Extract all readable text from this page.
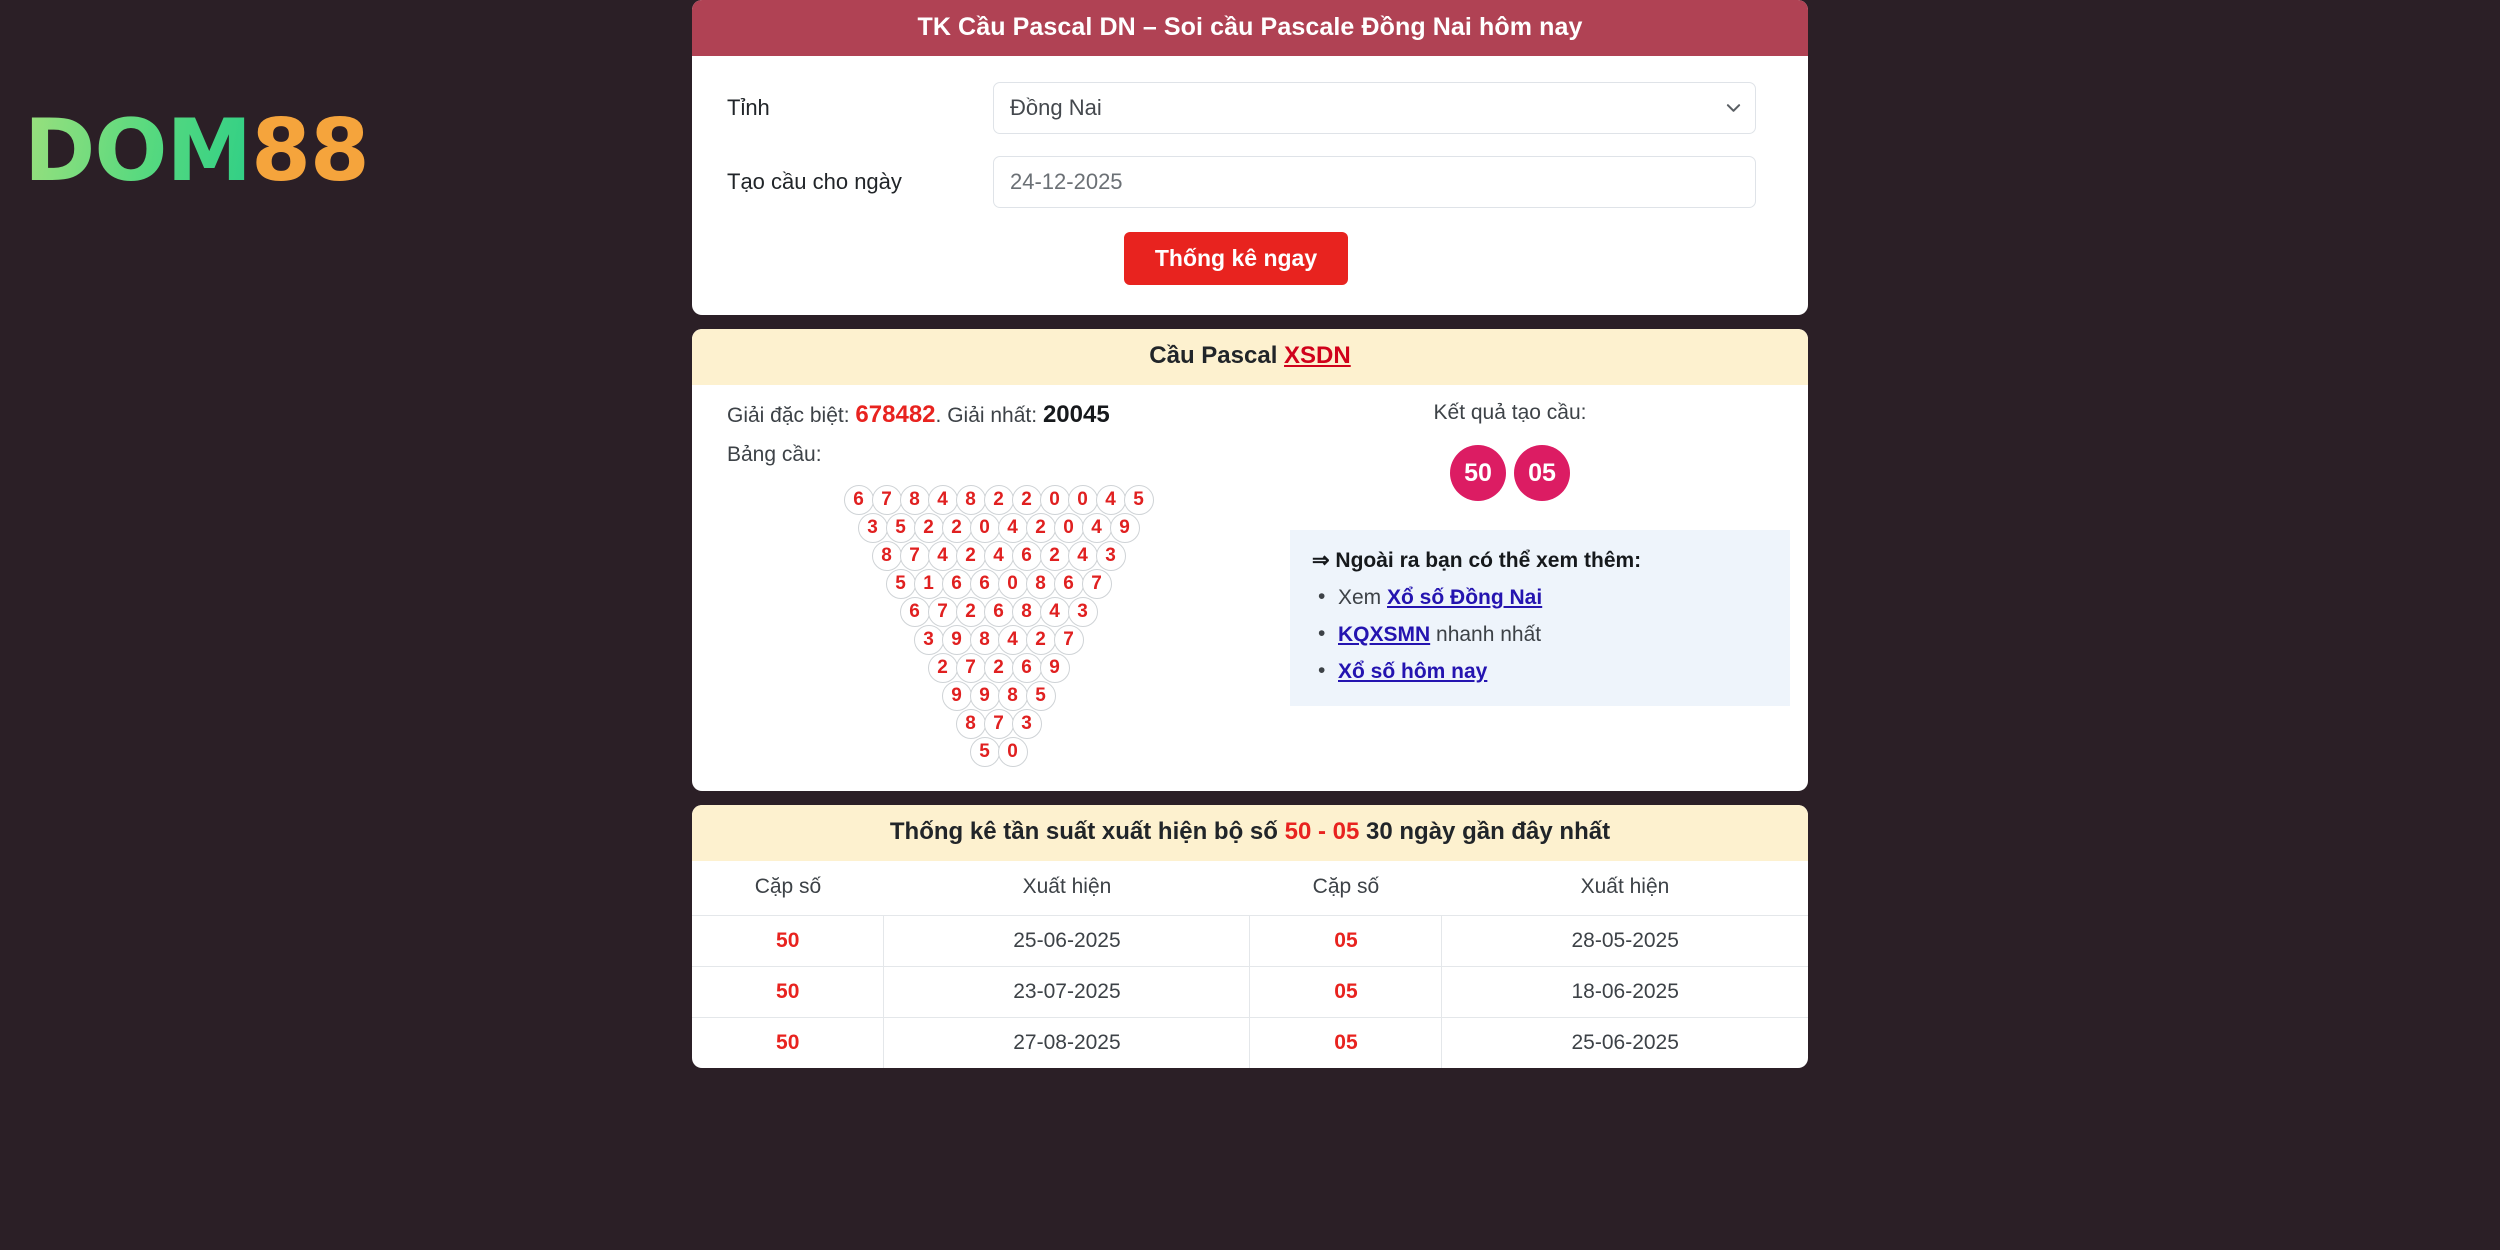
DOM 88
TK Cầu Pascal DN – Soi cầu Pascale Đồng Nai hôm nay
Tỉnh	Đồng Nai
Tạo cầu cho ngày	24-12-2025
Thống kê ngay
Cầu Pascal XSDN
Giải đặc biệt: 678482. Giải nhất: 20045
Bảng cầu:
6 7 8 4 8 2 2 0 0 4 5
3 5 2 2 0 4 2 0 4 9
8 7 4 2 4 6 2 4 3
5 1 6 6 0 8 6 7
6 7 2 6 8 4 3
3 9 8 4 2 7
2 7 2 6 9
9 9 8 5
8 7 3
5 0
Kết quả tạo cầu:
50	05
⇒ Ngoài ra bạn có thể xem thêm:
• Xem Xổ số Đồng Nai
• KQXSMN nhanh nhất
• Xổ số hôm nay
Thống kê tần suất xuất hiện bộ số 50 - 05 30 ngày gần đây nhất
Cặp số	Xuất hiện	Cặp số	Xuất hiện
50	25-06-2025	05	28-05-2025
50	23-07-2025	05	18-06-2025
50	27-08-2025	05	25-06-2025
